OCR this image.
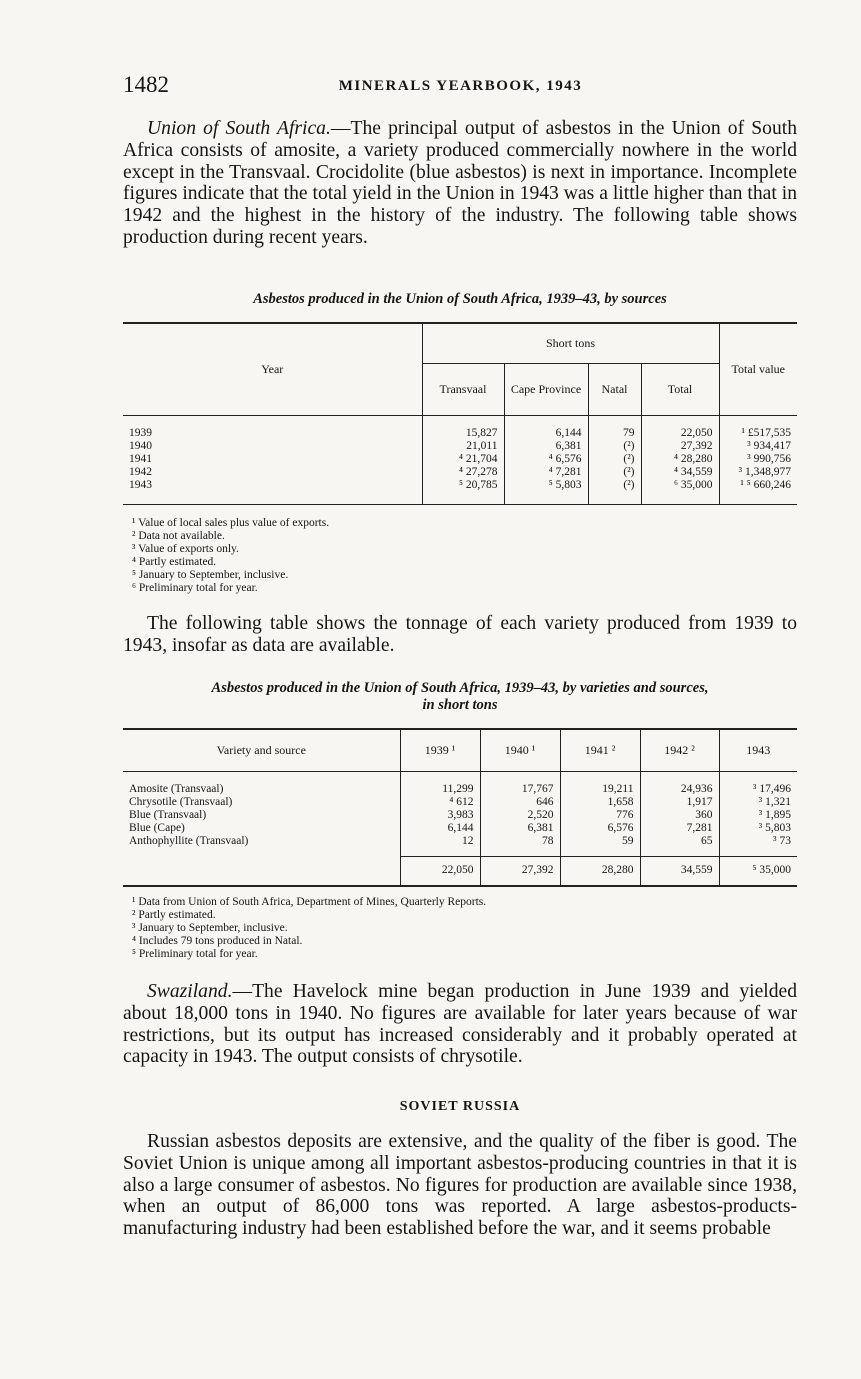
1482	MINERALS YEARBOOK, 1943

Union of South Africa.—The principal output of asbestos in the Union of South Africa consists of amosite, a variety produced commercially nowhere in the world except in the Transvaal. Crocidolite (blue asbestos) is next in importance. Incomplete figures indicate that the total yield in the Union in 1943 was a little higher than that in 1942 and the highest in the history of the industry. The following table shows production during recent years.

Asbestos produced in the Union of South Africa, 1939–43, by sources
Year	Short tons				Total value
	Transvaal	Cape Province	Natal	Total	

1939	15,827	6,144	79	22,050	¹ £517,535
1940	21,011	6,381	(²)	27,392	³ 934,417
1941	⁴ 21,704	⁴ 6,576	(²)	⁴ 28,280	³ 990,756
1942	⁴ 27,278	⁴ 7,281	(²)	⁴ 34,559	³ 1,348,977
1943	⁵ 20,785	⁵ 5,803	(²)	⁶ 35,000	¹ ⁵ 660,246

¹ Value of local sales plus value of exports.
² Data not available.
³ Value of exports only.
⁴ Partly estimated.
⁵ January to September, inclusive.
⁶ Preliminary total for year.

The following table shows the tonnage of each variety produced from 1939 to 1943, insofar as data are available.

Asbestos produced in the Union of South Africa, 1939–43, by varieties and sources,
in short tons
Variety and source	1939 ¹	1940 ¹	1941 ²	1942 ²	1943

Amosite (Transvaal)	11,299	17,767	19,211	24,936	³ 17,496
Chrysotile (Transvaal)	⁴ 612	646	1,658	1,917	³ 1,321
Blue (Transvaal)	3,983	2,520	776	360	³ 1,895
Blue (Cape)	6,144	6,381	6,576	7,281	³ 5,803
Anthophyllite (Transvaal)	12	78	59	65	³ 73

	22,050	27,392	28,280	34,559	⁵ 35,000
¹ Data from Union of South Africa, Department of Mines, Quarterly Reports.
² Partly estimated.
³ January to September, inclusive.
⁴ Includes 79 tons produced in Natal.
⁵ Preliminary total for year.

Swaziland.—The Havelock mine began production in June 1939 and yielded about 18,000 tons in 1940. No figures are available for later years because of war restrictions, but its output has increased considerably and it probably operated at capacity in 1943. The output consists of chrysotile.

SOVIET RUSSIA

Russian asbestos deposits are extensive, and the quality of the fiber is good. The Soviet Union is unique among all important asbestos-producing countries in that it is also a large consumer of asbestos. No figures for production are available since 1938, when an output of 86,000 tons was reported. A large asbestos-products-manufacturing industry had been established before the war, and it seems probable
